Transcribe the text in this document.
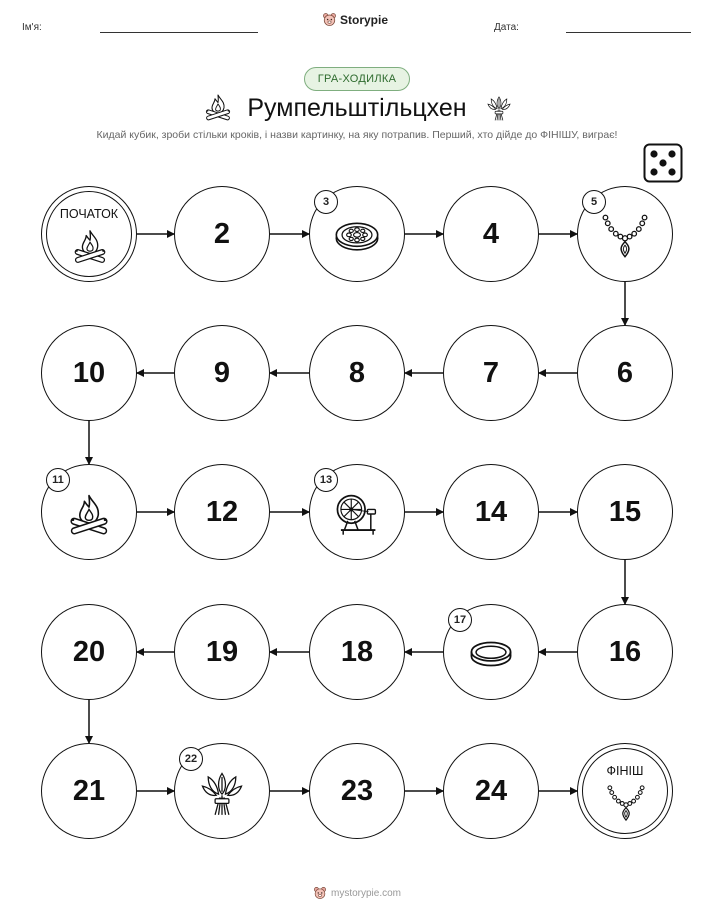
Ім'я:	Дата:
Storypie
ГРА-ХОДИЛКА
Румпельштільцхен
Кидай кубик, зроби стільки кроків, і назви картинку, на яку потрапив. Перший, хто дійде до ФІНІШУ, виграє!
ПОЧАТОК
2
3
4
5
6
7
8
9
10
11
12
13
14	15
16
17
18
19
20
21
22
23	24
ФІНІШ
mystorypie.com
